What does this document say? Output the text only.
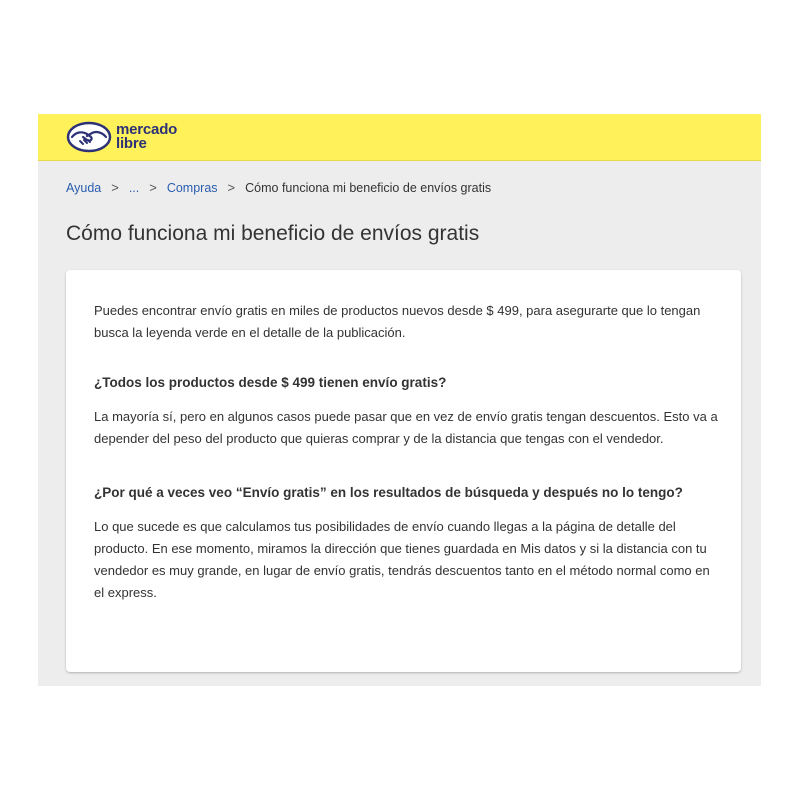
mercado
libre
Ayuda > ... > Compras > Cómo funciona mi beneficio de envíos gratis
Cómo funciona mi beneficio de envíos gratis

Puedes encontrar envío gratis en miles de productos nuevos desde $ 499, para asegurarte que lo tengan busca la leyenda verde en el detalle de la publicación.

¿Todos los productos desde $ 499 tienen envío gratis?

La mayoría sí, pero en algunos casos puede pasar que en vez de envío gratis tengan descuentos. Esto va a depender del peso del producto que quieras comprar y de la distancia que tengas con el vendedor.

¿Por qué a veces veo “Envío gratis” en los resultados de búsqueda y después no lo tengo?

Lo que sucede es que calculamos tus posibilidades de envío cuando llegas a la página de detalle del producto. En ese momento, miramos la dirección que tienes guardada en Mis datos y si la distancia con tu vendedor es muy grande, en lugar de envío gratis, tendrás descuentos tanto en el método normal como en el express.
